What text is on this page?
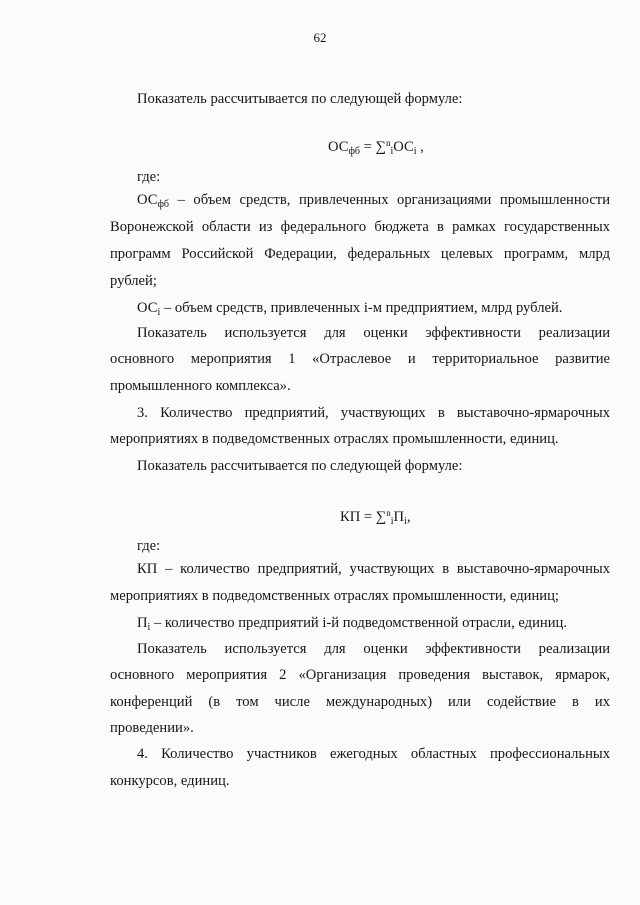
62
Показатель рассчитывается по следующей формуле:
$ОС_{фб} = \sum^n_iОС_i$ ,
где:
$ОС_{фб}$ – объем средств, привлеченных организациями промышленности
Воронежской области из федерального бюджета в рамках государственных
программ Российской Федерации, федеральных целевых программ, млрд
рублей;
$ОС_i$ – объем средств, привлеченных i-м предприятием, млрд рублей.
Показатель используется для оценки эффективности реализации
основного мероприятия 1 «Отраслевое и территориальное развитие
промышленного комплекса».
3. Количество предприятий, участвующих в выставочно-ярмарочных
мероприятиях в подведомственных отраслях промышленности, единиц.
Показатель рассчитывается по следующей формуле:
КП = $\sum^n_iП_i$,
где:
КП – количество предприятий, участвующих в выставочно-ярмарочных
мероприятиях в подведомственных отраслях промышленности, единиц;
$П_i$ – количество предприятий i-й подведомственной отрасли, единиц.
Показатель используется для оценки эффективности реализации
основного мероприятия 2 «Организация проведения выставок, ярмарок,
конференций (в том числе международных) или содействие в их
проведении».
4. Количество участников ежегодных областных профессиональных
конкурсов, единиц.
